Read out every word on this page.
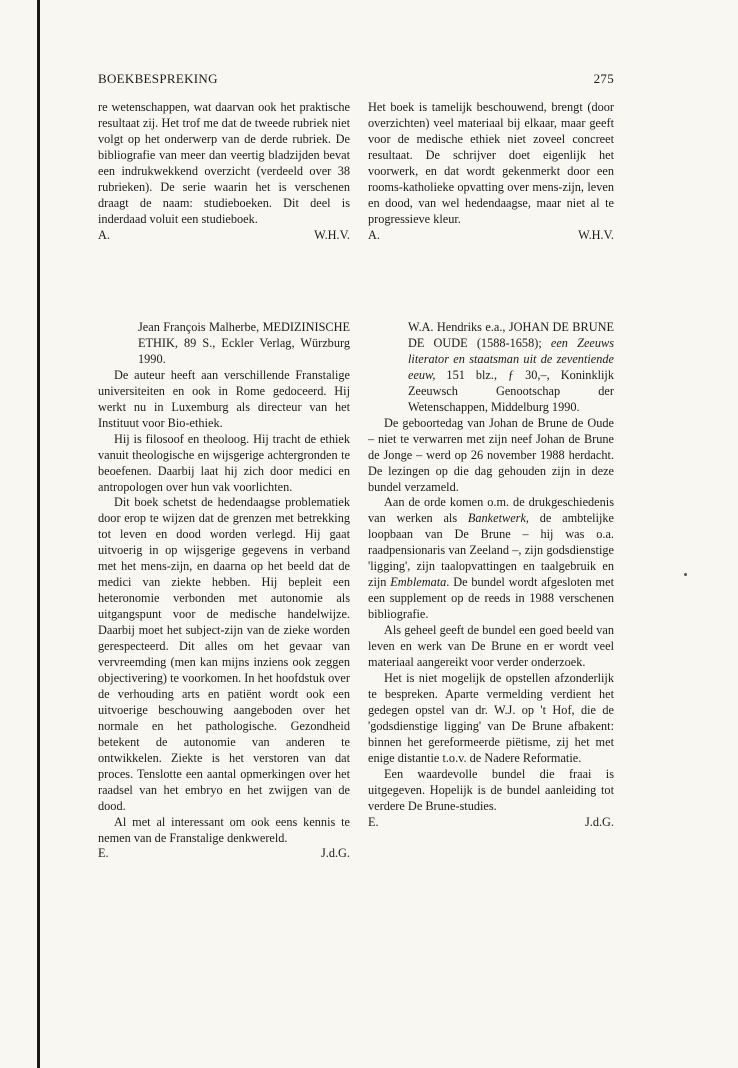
BOEKBESPREKING	275

re wetenschappen, wat daarvan ook het praktische resultaat zij. Het trof me dat de tweede rubriek niet volgt op het onderwerp van de derde rubriek. De bibliografie van meer dan veertig bladzijden bevat een indrukwekkend overzicht (verdeeld over 38 rubrieken). De serie waarin het is verschenen draagt de naam: studieboeken. Dit deel is inderdaad voluit een studieboek.

A.	W.H.V.

Het boek is tamelijk beschouwend, brengt (door overzichten) veel materiaal bij elkaar, maar geeft voor de medische ethiek niet zoveel concreet resultaat. De schrijver doet eigenlijk het voorwerk, en dat wordt gekenmerkt door een rooms-katholieke opvatting over mens-zijn, leven en dood, van wel hedendaagse, maar niet al te progressieve kleur.

A.	W.H.V.

Jean François Malherbe, MEDIZINISCHE ETHIK, 89 S., Eckler Verlag, Würzburg 1990.

De auteur heeft aan verschillende Franstalige universiteiten en ook in Rome gedoceerd. Hij werkt nu in Luxemburg als directeur van het Instituut voor Bio-ethiek.

Hij is filosoof en theoloog. Hij tracht de ethiek vanuit theologische en wijsgerige achtergronden te beoefenen. Daarbij laat hij zich door medici en antropologen over hun vak voorlichten.

Dit boek schetst de hedendaagse problematiek door erop te wijzen dat de grenzen met betrekking tot leven en dood worden verlegd. Hij gaat uitvoerig in op wijsgerige gegevens in verband met het mens-zijn, en daarna op het beeld dat de medici van ziekte hebben. Hij bepleit een heteronomie verbonden met autonomie als uitgangspunt voor de medische handelwijze. Daarbij moet het subject-zijn van de zieke worden gerespecteerd. Dit alles om het gevaar van vervreemding (men kan mijns inziens ook zeggen objectivering) te voorkomen. In het hoofdstuk over de verhouding arts en patiënt wordt ook een uitvoerige beschouwing aangeboden over het normale en het pathologische. Gezondheid betekent de autonomie van anderen te ontwikkelen. Ziekte is het verstoren van dat proces. Tenslotte een aantal opmerkingen over het raadsel van het embryo en het zwijgen van de dood.

Al met al interessant om ook eens kennis te nemen van de Franstalige denkwereld.

E.	J.d.G.

W.A. Hendriks e.a., JOHAN DE BRUNE DE OUDE (1588-1658); een Zeeuws literator en staatsman uit de zeventiende eeuw, 151 blz., ƒ 30,–, Koninklijk Zeeuwsch Genootschap der Wetenschappen, Middelburg 1990.

De geboortedag van Johan de Brune de Oude – niet te verwarren met zijn neef Johan de Brune de Jonge – werd op 26 november 1988 herdacht. De lezingen op die dag gehouden zijn in deze bundel verzameld.

Aan de orde komen o.m. de drukgeschiedenis van werken als Banketwerk, de ambtelijke loopbaan van De Brune – hij was o.a. raadpensionaris van Zeeland –, zijn godsdienstige 'ligging', zijn taalopvattingen en taalgebruik en zijn Emblemata. De bundel wordt afgesloten met een supplement op de reeds in 1988 verschenen bibliografie.

Als geheel geeft de bundel een goed beeld van leven en werk van De Brune en er wordt veel materiaal aangereikt voor verder onderzoek.

Het is niet mogelijk de opstellen afzonderlijk te bespreken. Aparte vermelding verdient het gedegen opstel van dr. W.J. op 't Hof, die de 'godsdienstige ligging' van De Brune afbakent: binnen het gereformeerde piëtisme, zij het met enige distantie t.o.v. de Nadere Reformatie.

Een waardevolle bundel die fraai is uitgegeven. Hopelijk is de bundel aanleiding tot verdere De Brune-studies.

E.	J.d.G.
